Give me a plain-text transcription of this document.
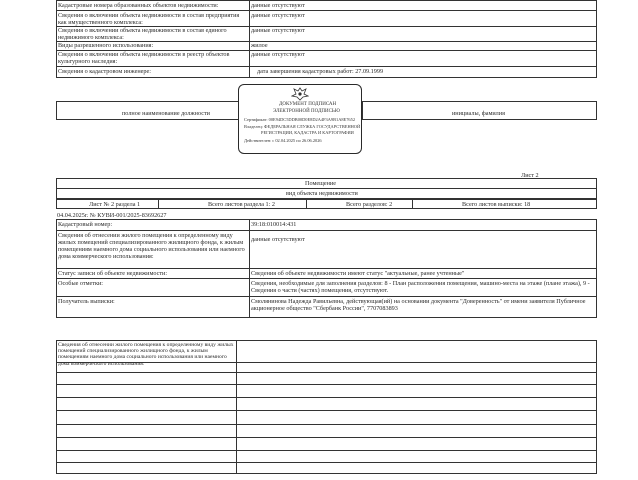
Кадастровые номера образованных объектов недвижимости:	данные отсутствуют
Сведения о включении объекта недвижимости в состав предприятия как имущественного комплекса:
данные отсутствуют
Сведения о включении объекта недвижимости в состав единого недвижимого комплекса:
данные отсутствуют
Виды разрешенного использования:	жилое
Сведения о включении объекта недвижимости в реестр объектов культурного наследия:
данные отсутствуют
Сведения о кадастровом инженере:	дата завершения кадастровых работ: 27.09.1999
полное наименование должности	инициалы, фамилия
ДОКУМЕНТ ПОДПИСАН
ЭЛЕКТРОННОЙ ПОДПИСЬЮ
Сертификат: 00E94DC5DDB00D0E8D2A4F3A9B1A8E7652
Владелец: ФЕДЕРАЛЬНАЯ СЛУЖБА ГОСУДАРСТВЕННОЙ
РЕГИСТРАЦИИ, КАДАСТРА И КАРТОГРАФИИ
Действителен: с 02.04.2025 по 26.06.2026
Лист 2
Помещение
вид объекта недвижимости
Лист № 2 раздела 1	Всего листов раздела 1: 2	Всего разделов: 2	Всего листов выписки: 18
04.04.2025г. № КУВИ-001/2025-83692627
Кадастровый номер:	39:18:010014:431
Сведения об отнесении жилого помещения к определенному виду жилых помещений специализированного жилищного фонда, к жилым помещениям наемного дома социального использования или наемного дома коммерческого использования:
данные отсутствуют
Статус записи об объекте недвижимости:	Сведения об объекте недвижимости имеют статус "актуальные, ранее учтенные"
Особые отметки:	Сведения, необходимые для заполнения разделов: 8 - План расположения помещения, машино-места на этаже (плане этажа), 9 - Сведения о части (частях) помещения, отсутствуют.
Получатель выписки:	Смолянинова Надежда Равильевна, действующая(ий) на основании документа "Доверенность" от имени заявителя Публичное акционерное общество "Сбербанк России", 7707083893
Сведения об отнесении жилого помещения к определенному виду жилых помещений специализированного жилищного фонда, к жилым помещениям наемного дома социального использования или наемного дома коммерческого использования:
